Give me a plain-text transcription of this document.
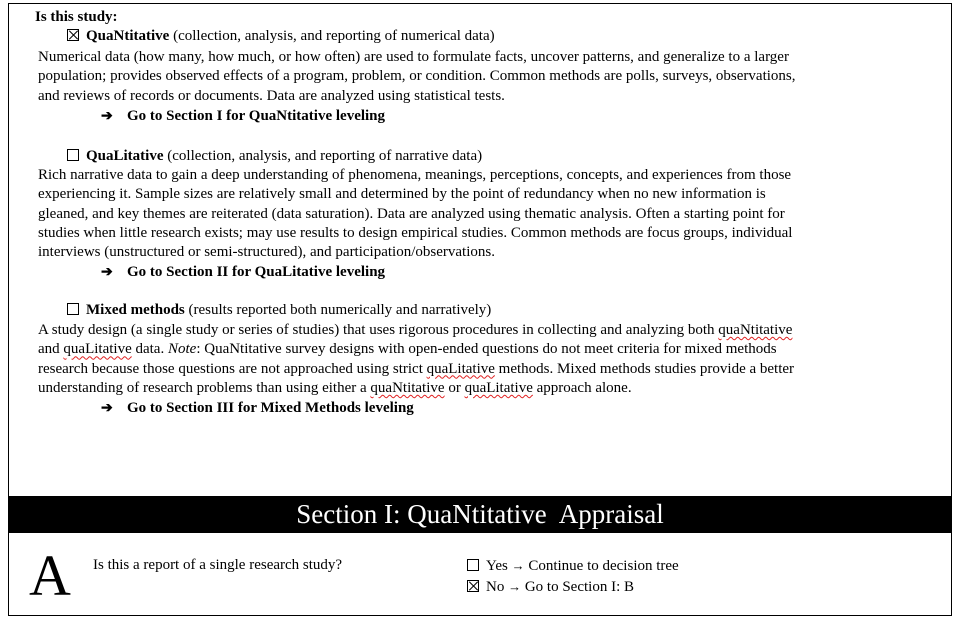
Is this study:

QuaNtitative (collection, analysis, and reporting of numerical data)

Numerical data (how many, how much, or how often) are used to formulate facts, uncover patterns, and generalize to a larger
population; provides observed effects of a program, problem, or condition. Common methods are polls, surveys, observations,
and reviews of records or documents. Data are analyzed using statistical tests.

➔ Go to Section I for QuaNtitative leveling

QuaLitative (collection, analysis, and reporting of narrative data)

Rich narrative data to gain a deep understanding of phenomena, meanings, perceptions, concepts, and experiences from those
experiencing it. Sample sizes are relatively small and determined by the point of redundancy when no new information is
gleaned, and key themes are reiterated (data saturation). Data are analyzed using thematic analysis. Often a starting point for
studies when little research exists; may use results to design empirical studies. Common methods are focus groups, individual
interviews (unstructured or semi-structured), and participation/observations.

➔ Go to Section II for QuaLitative leveling

Mixed methods (results reported both numerically and narratively)

A study design (a single study or series of studies) that uses rigorous procedures in collecting and analyzing both quaNtitative
and quaLitative data. Note: QuaNtitative survey designs with open-ended questions do not meet criteria for mixed methods
research because those questions are not approached using strict quaLitative methods. Mixed methods studies provide a better
understanding of research problems than using either a quaNtitative or quaLitative approach alone.

➔ Go to Section III for Mixed Methods leveling

Section I: QuaNtitative  Appraisal

A Is this a report of a single research study?	Yes → Continue to decision tree

No → Go to Section I: B
